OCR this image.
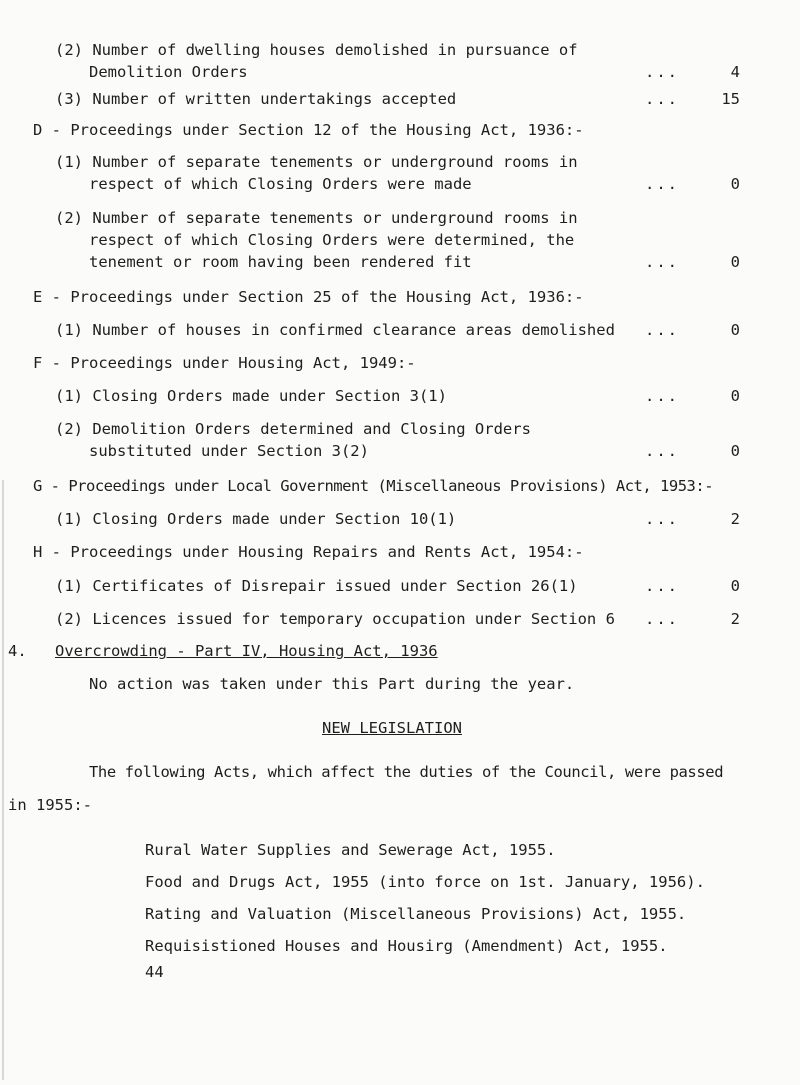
(2) Number of dwelling houses demolished in pursuance of
Demolition Orders	...	4
(3) Number of written undertakings accepted	...	15
D - Proceedings under Section 12 of the Housing Act, 1936:-
(1) Number of separate tenements or underground rooms in
respect of which Closing Orders were made	...	0
(2) Number of separate tenements or underground rooms in
respect of which Closing Orders were determined, the
tenement or room having been rendered fit	...	0
E - Proceedings under Section 25 of the Housing Act, 1936:-
(1) Number of houses in confirmed clearance areas demolished ...	0
F - Proceedings under Housing Act, 1949:-
(1) Closing Orders made under Section 3(1)	...	0
(2) Demolition Orders determined and Closing Orders
substituted under Section 3(2)	...	0
G - Proceedings under Local Government (Miscellaneous Provisions) Act, 1953:-
(1) Closing Orders made under Section 10(1)	...	2
H - Proceedings under Housing Repairs and Rents Act, 1954:-
(1) Certificates of Disrepair issued under Section 26(1)	...	0
(2) Licences issued for temporary occupation under Section 6 ...	2
4. Overcrowding - Part IV, Housing Act, 1936
No action was taken under this Part during the year.
NEW LEGISLATION
The following Acts, which affect the duties of the Council, were passed
in 1955:-
Rural Water Supplies and Sewerage Act, 1955.
Food and Drugs Act, 1955 (into force on 1st. January, 1956).
Rating and Valuation (Miscellaneous Provisions) Act, 1955.
Requisistioned Houses and Housirg (Amendment) Act, 1955.
44
